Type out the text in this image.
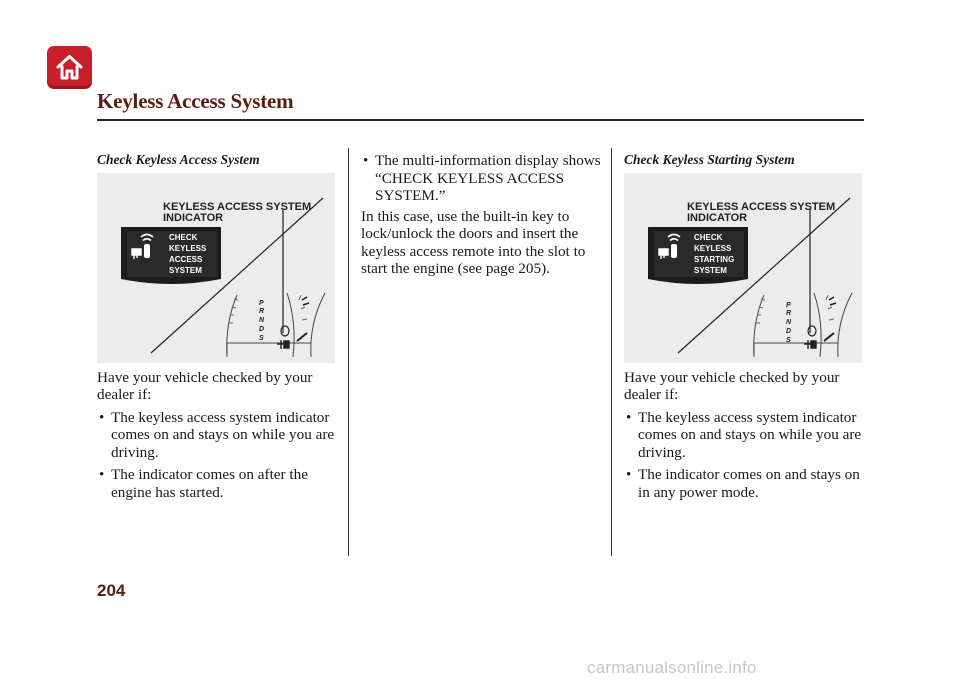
Keyless Access System

Check Keyless Access System

KEYLESS ACCESS SYSTEM
INDICATOR
CHECK
KEYLESS
ACCESS
SYSTEM
P
R
N
D
S

Have your vehicle checked by your dealer if:

• The keyless access system indicator comes on and stays on while you are driving.

• The indicator comes on after the engine has started.

• The multi-information display shows “CHECK KEYLESS ACCESS SYSTEM.”

In this case, use the built-in key to lock/unlock the doors and insert the keyless access remote into the slot to start the engine (see page 205).

Check Keyless Starting System

KEYLESS ACCESS SYSTEM
INDICATOR
CHECK
KEYLESS
STARTING
SYSTEM
P
R
N
D
S

Have your vehicle checked by your dealer if:

• The keyless access system indicator comes on and stays on while you are driving.

• The indicator comes on and stays on in any power mode.

204
carmanualsonline.info
